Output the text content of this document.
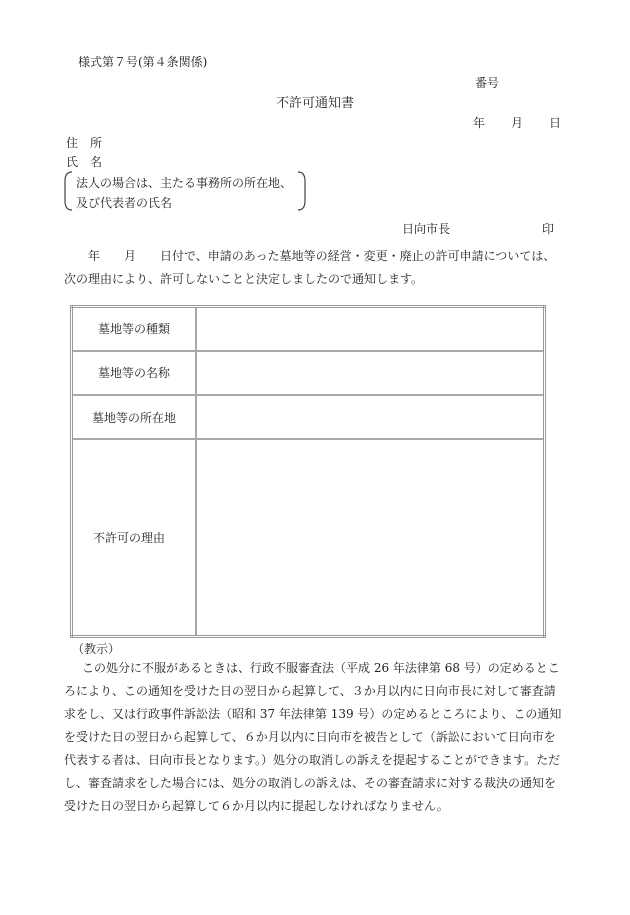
様式第７号(第４条関係)
番号
不許可通知書
年 月 日
住　所
氏　名
法人の場合は、主たる事務所の所在地、
及び代表者の氏名
日向市長	印
年　　月　　日付で、申請のあった墓地等の経営・変更・廃止の許可申請については、次の理由により、許可しないことと決定しましたので通知します。
墓地等の種類	
墓地等の名称	
墓地等の所在地	
不許可の理由	
（教示）
この処分に不服があるときは、行政不服審査法（平成 26 年法律第 68 号）の定めるところにより、この通知を受けた日の翌日から起算して、３か月以内に日向市長に対して審査請求をし、又は行政事件訴訟法（昭和 37 年法律第 139 号）の定めるところにより、この通知を受けた日の翌日から起算して、６か月以内に日向市を被告として（訴訟において日向市を代表する者は、日向市長となります。）処分の取消しの訴えを提起することができます。ただし、審査請求をした場合には、処分の取消しの訴えは、その審査請求に対する裁決の通知を受けた日の翌日から起算して６か月以内に提起しなければなりません。
